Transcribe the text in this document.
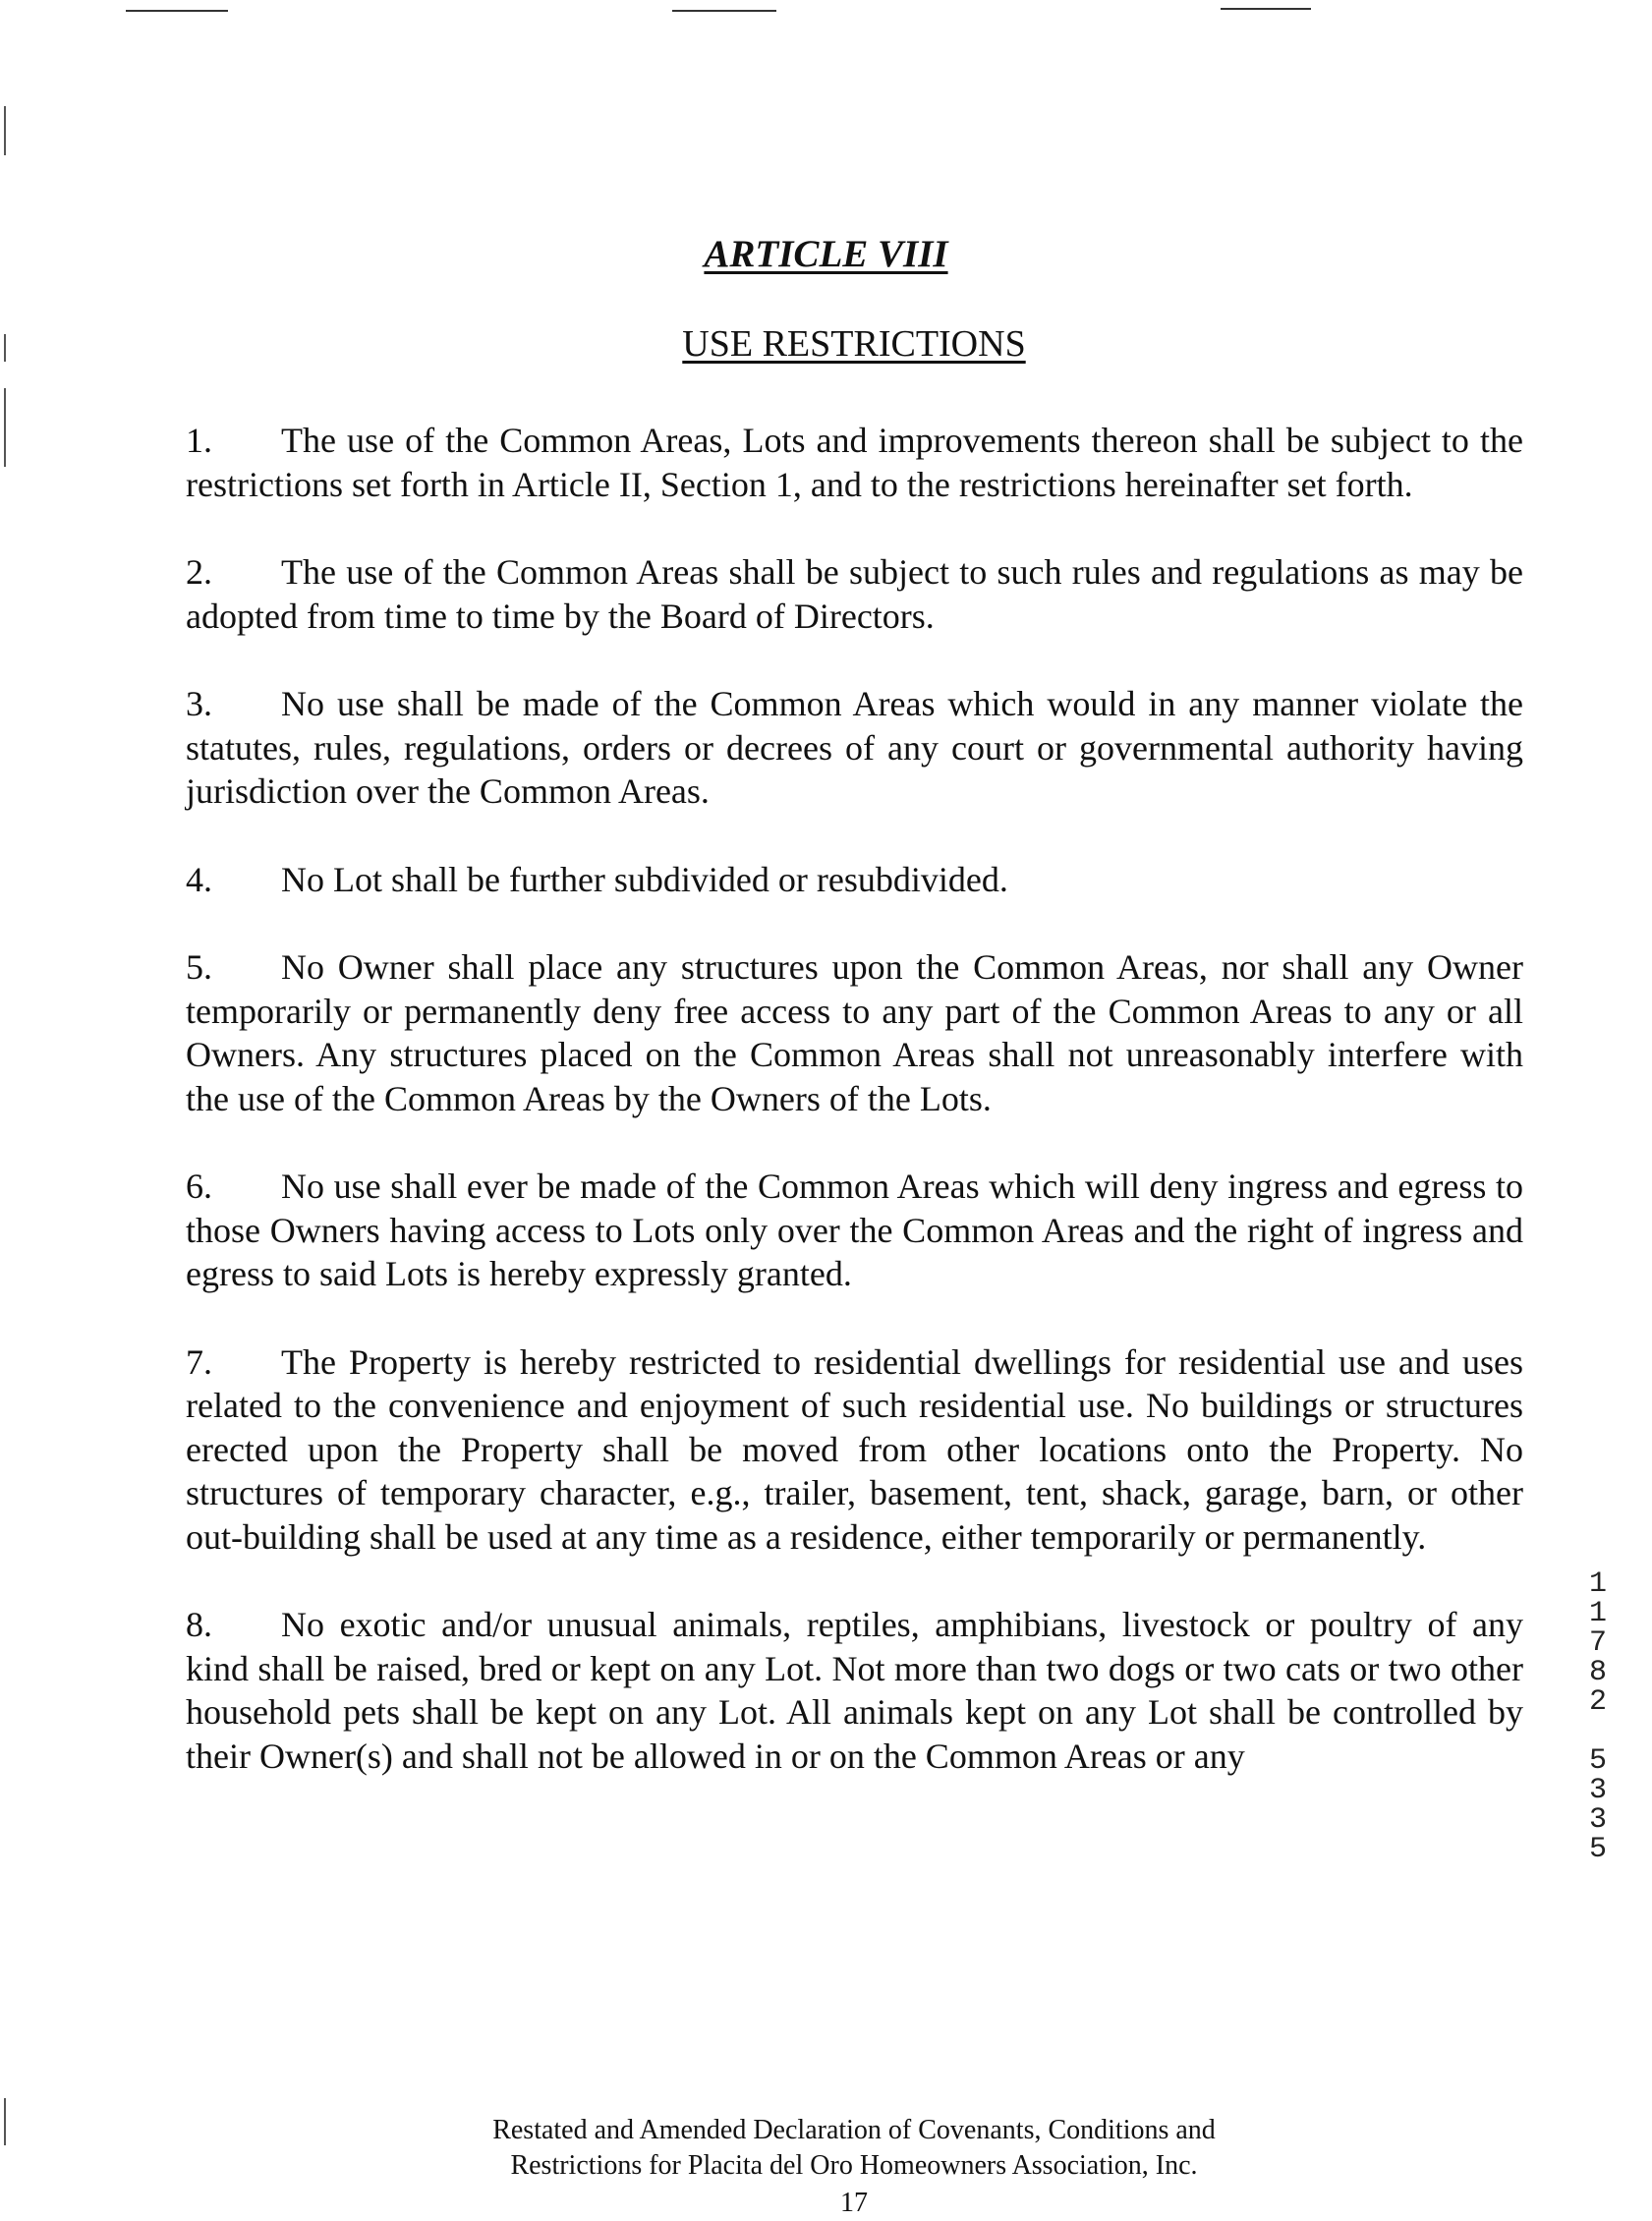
ARTICLE VIII
USE RESTRICTIONS

1. The use of the Common Areas, Lots and improvements thereon shall be subject to the restrictions set forth in Article II, Section 1, and to the restrictions hereinafter set forth.

2. The use of the Common Areas shall be subject to such rules and regulations as may be adopted from time to time by the Board of Directors.

3. No use shall be made of the Common Areas which would in any manner violate the statutes, rules, regulations, orders or decrees of any court or governmental authority having jurisdiction over the Common Areas.

4. No Lot shall be further subdivided or resubdivided.

5. No Owner shall place any structures upon the Common Areas, nor shall any Owner temporarily or permanently deny free access to any part of the Common Areas to any or all Owners. Any structures placed on the Common Areas shall not unreasonably interfere with the use of the Common Areas by the Owners of the Lots.

6. No use shall ever be made of the Common Areas which will deny ingress and egress to those Owners having access to Lots only over the Common Areas and the right of ingress and egress to said Lots is hereby expressly granted.

7. The Property is hereby restricted to residential dwellings for residential use and uses related to the convenience and enjoyment of such residential use. No buildings or structures erected upon the Property shall be moved from other locations onto the Property. No structures of temporary character, e.g., trailer, basement, tent, shack, garage, barn, or other out-building shall be used at any time as a residence, either temporarily or permanently.

8. No exotic and/or unusual animals, reptiles, amphibians, livestock or poultry of any kind shall be raised, bred or kept on any Lot. Not more than two dogs or two cats or two other household pets shall be kept on any Lot. All animals kept on any Lot shall be controlled by their Owner(s) and shall not be allowed in or on the Common Areas or any

1
1
7
8
2
5
3
3
5
Restated and Amended Declaration of Covenants, Conditions and
Restrictions for Placita del Oro Homeowners Association, Inc.
17
